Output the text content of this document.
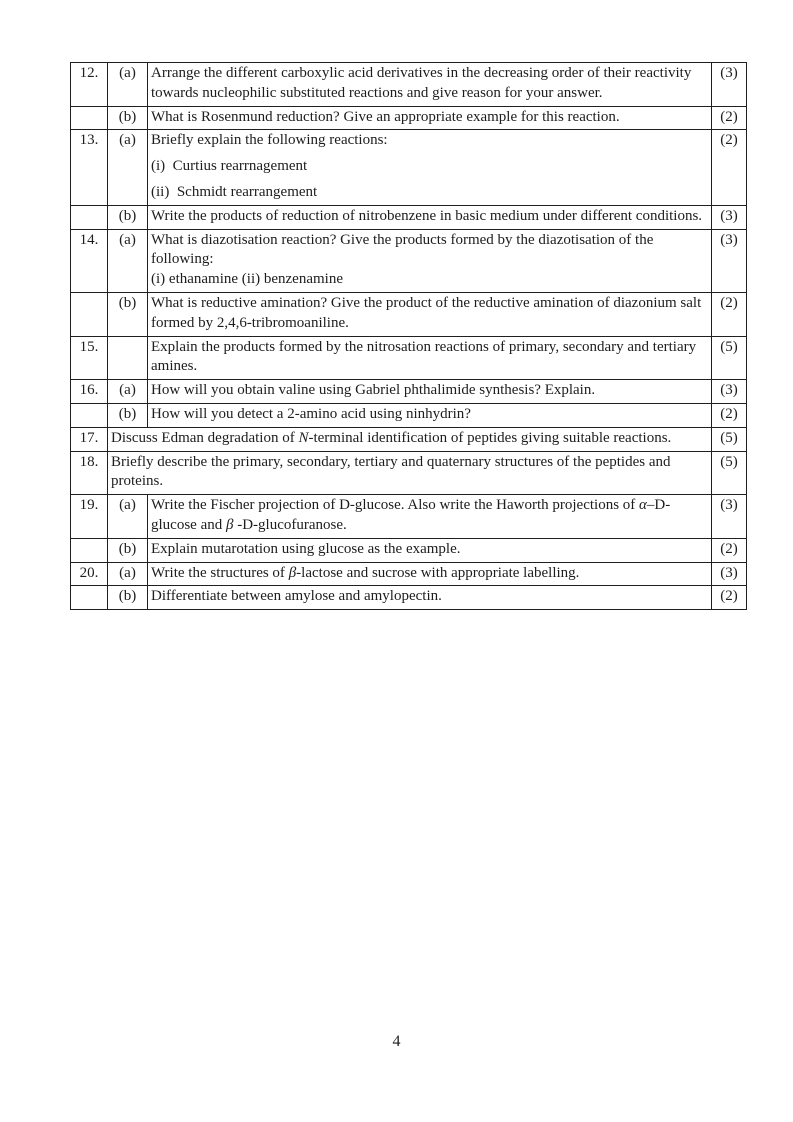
12.	(a)	Arrange the different carboxylic acid derivatives in the decreasing order of their reactivity towards nucleophilic substituted reactions and give reason for your answer.	(3)
	(b)	What is Rosenmund reduction? Give an appropriate example for this reaction.	(2)
13.	(a)	Briefly explain the following reactions:

(i)  Curtius rearrnagement

(ii)  Schmidt rearrangement	(2)
	(b)	Write the products of reduction of nitrobenzene in basic medium under different conditions.	(3)
14.	(a)	What is diazotisation reaction? Give the products formed by the diazotisation of the following:

(i) ethanamine (ii) benzenamine	(3)
	(b)	What is reductive amination? Give the product of the reductive amination of diazonium salt formed by 2,4,6-tribromoaniline.	(2)
15.		Explain the products formed by the nitrosation reactions of primary, secondary and tertiary amines.	(5)
16.	(a)	How will you obtain valine using Gabriel phthalimide synthesis? Explain.	(3)
	(b)	How will you detect a 2-amino acid using ninhydrin?	(2)
17.	Discuss Edman degradation of N-terminal identification of peptides giving suitable reactions.		(5)
18.	Briefly describe the primary, secondary, tertiary and quaternary structures of the peptides and proteins.		(5)
19.	(a)	Write the Fischer projection of D-glucose. Also write the Haworth projections of α–D-glucose and β -D-glucofuranose.	(3)
	(b)	Explain mutarotation using glucose as the example.	(2)
20.	(a)	Write the structures of β-lactose and sucrose with appropriate labelling.	(3)
	(b)	Differentiate between amylose and amylopectin.	(2)
4
